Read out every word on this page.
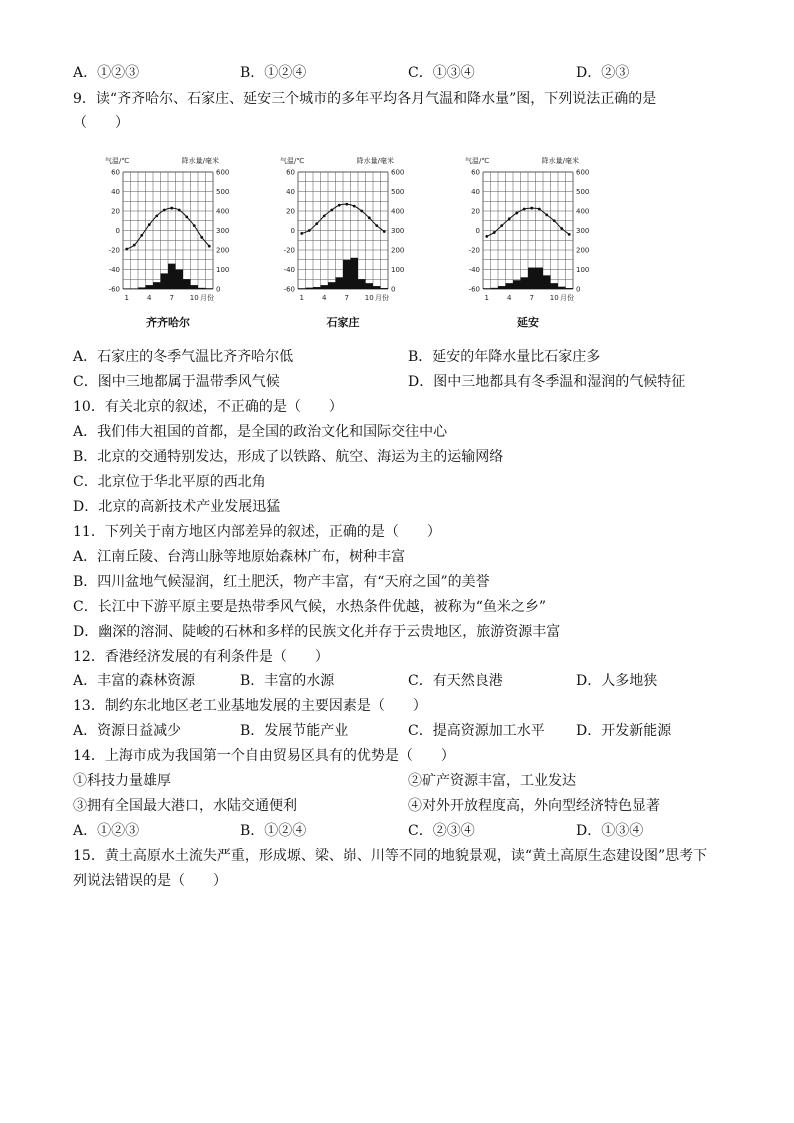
A．①②③	B．①②④	C．①③④	D．②③
9．读“齐齐哈尔、石家庄、延安三个城市的多年平均各月气温和降水量”图，下列说法正确的是
（　　）
气温/℃	降水量/毫米
60
40
20
0
-20
-40
-60
600
500
400
300
200
100
0
1	4	7 10 月份
齐齐哈尔
气温/℃	降水量/毫米
60
40
20
0
-20
-40
-60
600
500
400
300
200
100
0
1	4	7 10 月份
石家庄
气温/℃	降水量/毫米
60
40
20
0
-20
-40
-60
600
500
400
300
200
100
0
1	4	7 10 月份
延安
A．石家庄的冬季气温比齐齐哈尔低	B．延安的年降水量比石家庄多
C．图中三地都属于温带季风气候	D．图中三地都具有冬季温和湿润的气候特征
10．有关北京的叙述，不正确的是（　　）
A．我们伟大祖国的首都，是全国的政治文化和国际交往中心
B．北京的交通特别发达，形成了以铁路、航空、海运为主的运输网络
C．北京位于华北平原的西北角
D．北京的高新技术产业发展迅猛
11．下列关于南方地区内部差异的叙述，正确的是（　　）
A．江南丘陵、台湾山脉等地原始森林广布，树种丰富
B．四川盆地气候湿润，红土肥沃，物产丰富，有“天府之国”的美誉
C．长江中下游平原主要是热带季风气候，水热条件优越，被称为“鱼米之乡”
D．幽深的溶洞、陡峻的石林和多样的民族文化并存于云贵地区，旅游资源丰富
12．香港经济发展的有利条件是（　　）
A．丰富的森林资源	B．丰富的水源	C．有天然良港	D．人多地狭
13．制约东北地区老工业基地发展的主要因素是（　　）
A．资源日益减少	B．发展节能产业	C．提高资源加工水平 D．开发新能源
14．上海市成为我国第一个自由贸易区具有的优势是（　　）
①科技力量雄厚	②矿产资源丰富，工业发达
③拥有全国最大港口，水陆交通便利	④对外开放程度高，外向型经济特色显著
A．①②③	B．①②④	C．②③④	D．①③④
15．黄土高原水土流失严重，形成塬、梁、峁、川等不同的地貌景观，读“黄土高原生态建设图”思考下
列说法错误的是（　　）
